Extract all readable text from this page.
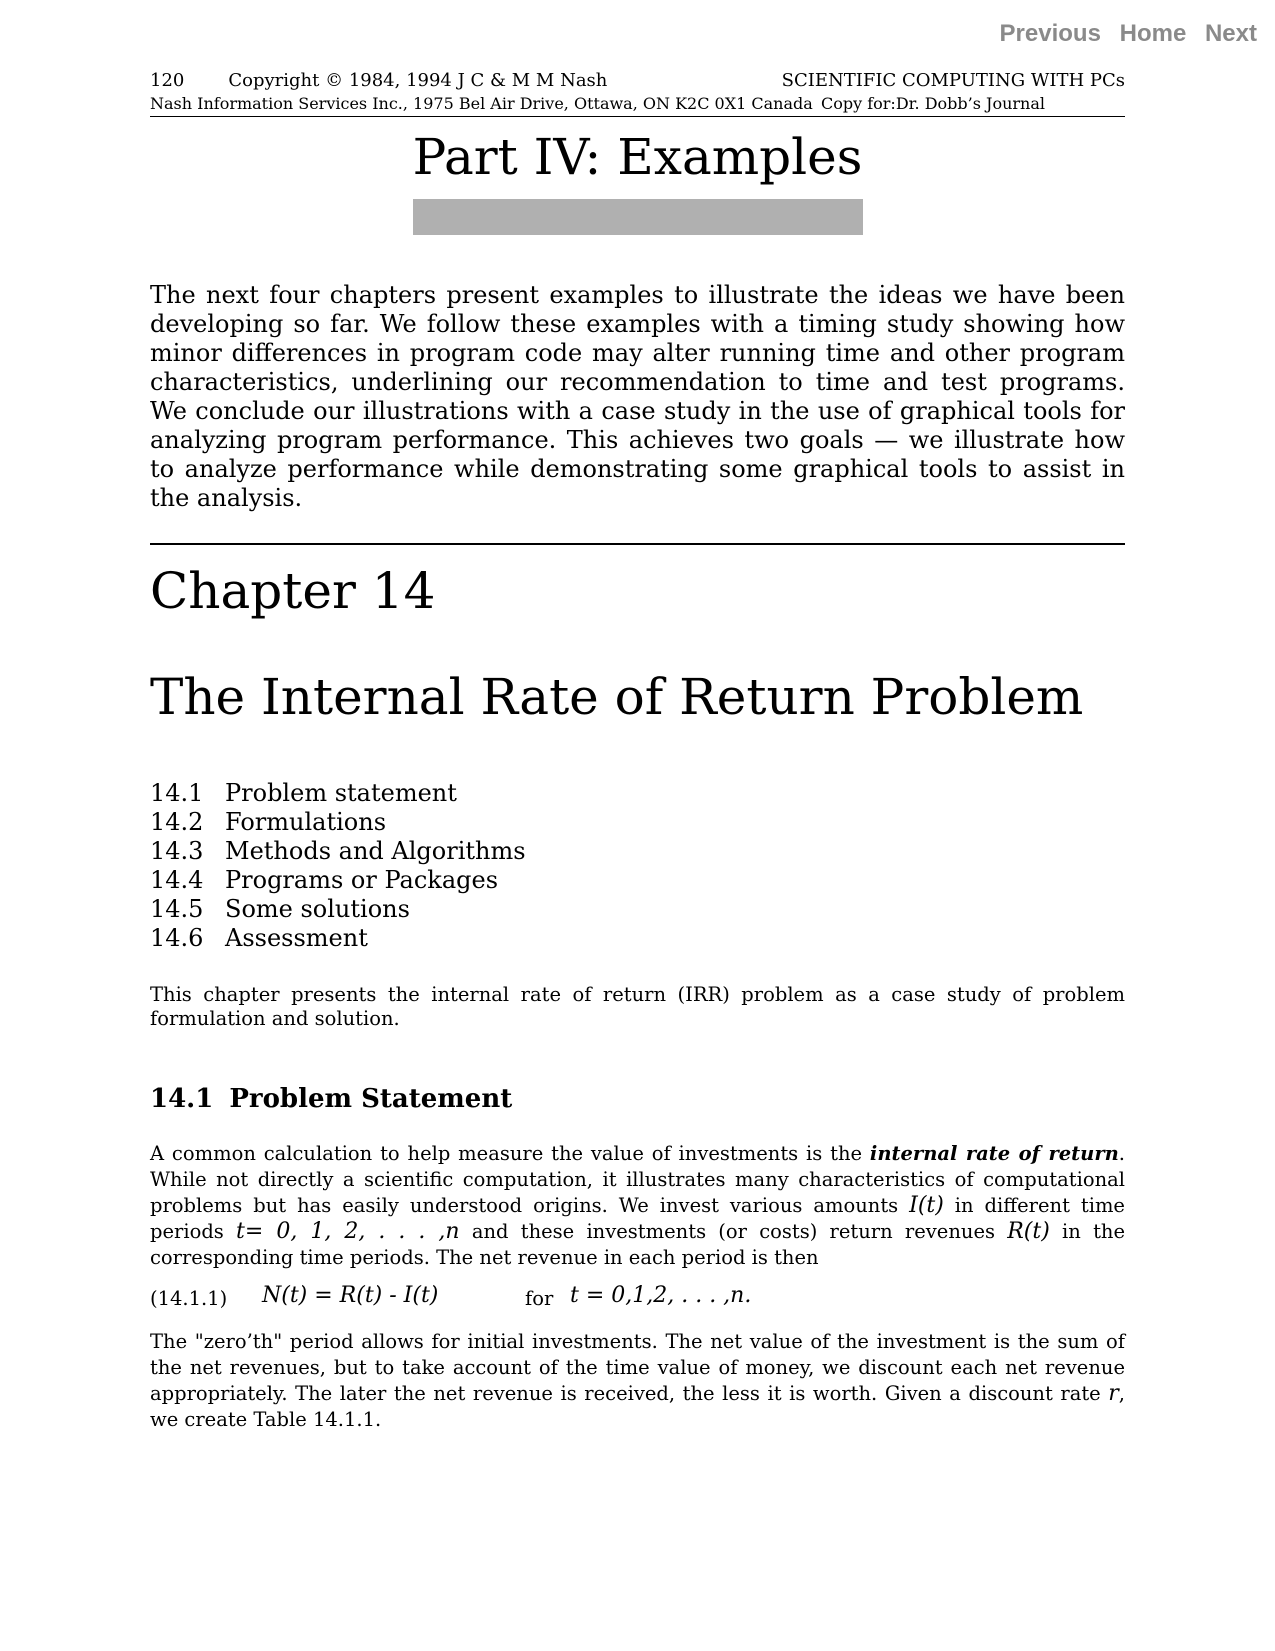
Previous Home Next
120 Copyright © 1984, 1994 J C & M M Nash	SCIENTIFIC COMPUTING WITH PCs
Nash Information Services Inc., 1975 Bel Air Drive, Ottawa, ON K2C 0X1 Canada Copy for:Dr. Dobb’s Journal
Part IV: Examples
The next four chapters present examples to illustrate the ideas we have been developing so far. We follow these examples with a timing study showing how minor differences in program code may alter running time and other program characteristics, underlining our recommendation to time and test programs. We conclude our illustrations with a case study in the use of graphical tools for analyzing program performance. This achieves two goals — we illustrate how to analyze performance while demonstrating some graphical tools to assist in the analysis.
Chapter 14
The Internal Rate of Return Problem
14.1 Problem statement
14.2 Formulations
14.3 Methods and Algorithms
14.4 Programs or Packages
14.5 Some solutions
14.6 Assessment
This chapter presents the internal rate of return (IRR) problem as a case study of problem formulation and solution.
14.1 Problem Statement
A common calculation to help measure the value of investments is the internal rate of return. While not directly a scientific computation, it illustrates many characteristics of computational problems but has easily understood origins. We invest various amounts I(t) in different time periods t= 0, 1, 2, . . . ,n and these investments (or costs) return revenues R(t) in the corresponding time periods. The net revenue in each period is then
(14.1.1) N(t) = R(t) - I(t)	for t = 0,1,2, . . . ,n.
The "zero’th" period allows for initial investments. The net value of the investment is the sum of the net revenues, but to take account of the time value of money, we discount each net revenue appropriately. The later the net revenue is received, the less it is worth. Given a discount rate r, we create Table 14.1.1.
